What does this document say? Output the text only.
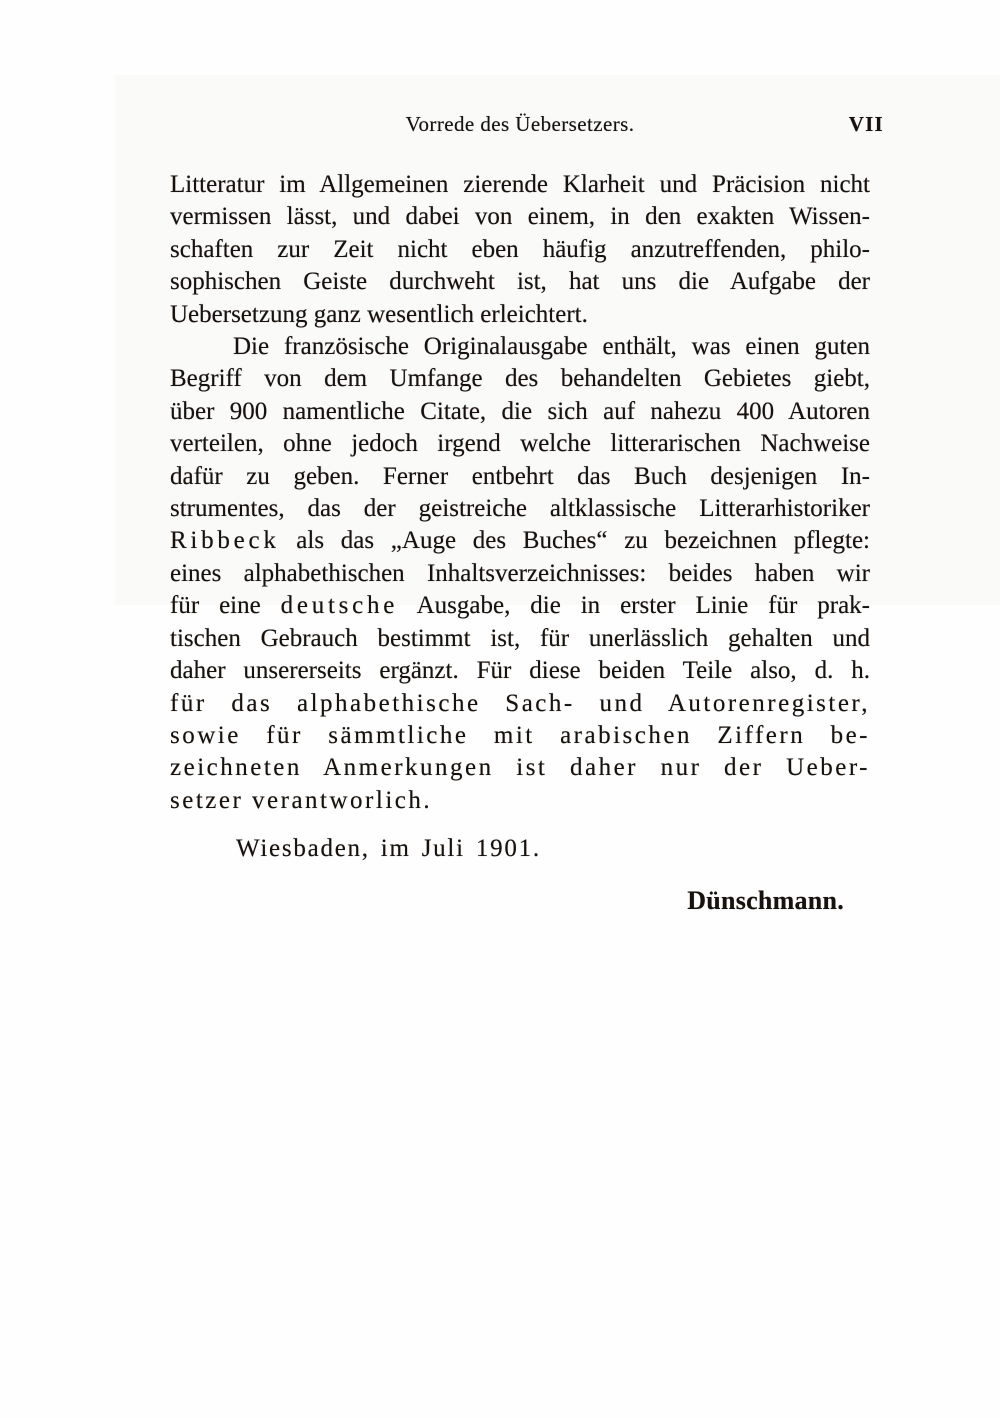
Vorrede des Üebersetzers.	VII

Litteratur im Allgemeinen zierende Klarheit und Präcision nicht
vermissen lässt, und dabei von einem, in den exakten Wissen-
schaften zur Zeit nicht eben häufig anzutreffenden, philo-
sophischen Geiste durchweht ist, hat uns die Aufgabe der
Uebersetzung ganz wesentlich erleichtert.

Die französische Originalausgabe enthält, was einen guten
Begriff von dem Umfange des behandelten Gebietes giebt,
über 900 namentliche Citate, die sich auf nahezu 400 Autoren
verteilen, ohne jedoch irgend welche litterarischen Nachweise
dafür zu geben. Ferner entbehrt das Buch desjenigen In-
strumentes, das der geistreiche altklassische Litterarhistoriker
Ribbeck als das „Auge des Buches“ zu bezeichnen pflegte:
eines alphabethischen Inhaltsverzeichnisses: beides haben wir
für eine deutsche Ausgabe, die in erster Linie für prak-
tischen Gebrauch bestimmt ist, für unerlässlich gehalten und
daher unsererseits ergänzt. Für diese beiden Teile also, d. h.
für das alphabethische Sach- und Autorenregister,
sowie für sämmtliche mit arabischen Ziffern be-
zeichneten Anmerkungen ist daher nur der Ueber-
setzer verantworlich.

Wiesbaden, im Juli 1901.

Dünschmann.
